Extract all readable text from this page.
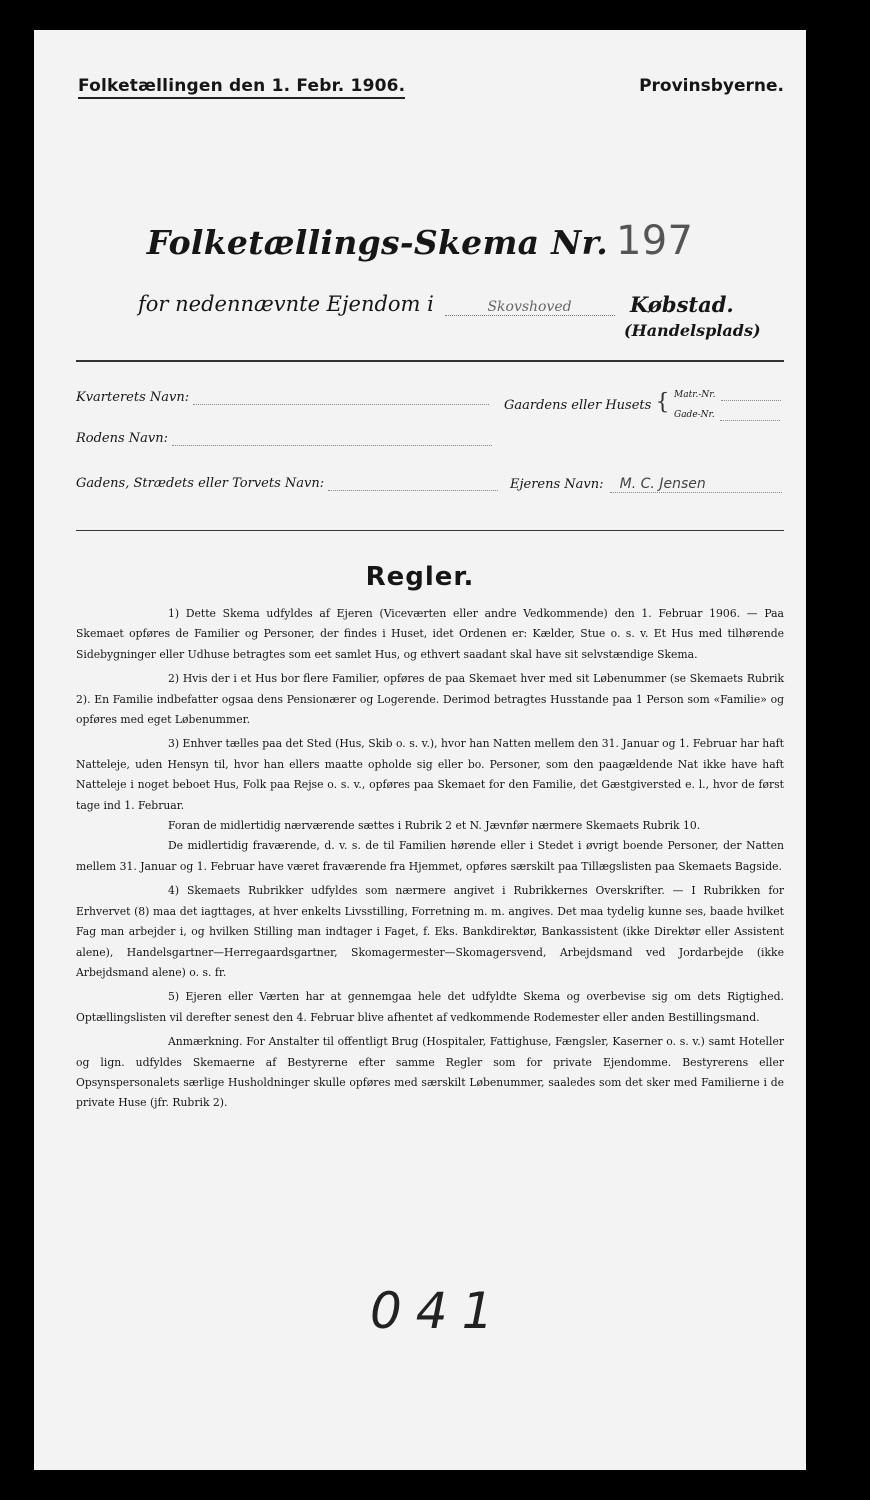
Folketællingen den 1. Febr. 1906.	Provinsbyerne.
Folketællings-Skema Nr. 197
for nedennævnte Ejendom i	Skovshoved	Købstad.
(Handelsplads)
Kvarterets Navn:
Gaardens eller Husets { Matr.-Nr.
Gade-Nr.
Rodens Navn:
Gadens, Strædets eller Torvets Navn:	Ejerens Navn: M. C. Jensen
Regler.

1) Dette Skema udfyldes af Ejeren (Viceværten eller andre Vedkommende) den 1. Februar 1906. — Paa Skemaet opføres de Familier og Personer, der findes i Huset, idet Ordenen er: Kælder, Stue o. s. v. Et Hus med tilhørende Sidebygninger eller Udhuse betragtes som eet samlet Hus, og ethvert saadant skal have sit selvstændige Skema.

2) Hvis der i et Hus bor flere Familier, opføres de paa Skemaet hver med sit Løbenummer (se Skemaets Rubrik 2). En Familie indbefatter ogsaa dens Pensionærer og Logerende. Derimod betragtes Husstande paa 1 Person som «Familie» og opføres med eget Løbenummer.

3) Enhver tælles paa det Sted (Hus, Skib o. s. v.), hvor han Natten mellem den 31. Januar og 1. Februar har haft Natteleje, uden Hensyn til, hvor han ellers maatte opholde sig eller bo. Personer, som den paagældende Nat ikke have haft Natteleje i noget beboet Hus, Folk paa Rejse o. s. v., opføres paa Skemaet for den Familie, det Gæstgiversted e. l., hvor de først tage ind 1. Februar.

Foran de midlertidig nærværende sættes i Rubrik 2 et N. Jævnfør nærmere Skemaets Rubrik 10.

De midlertidig fraværende, d. v. s. de til Familien hørende eller i Stedet i øvrigt boende Personer, der Natten mellem 31. Januar og 1. Februar have været fraværende fra Hjemmet, opføres særskilt paa Tillægslisten paa Skemaets Bagside.

4) Skemaets Rubrikker udfyldes som nærmere angivet i Rubrikkernes Overskrifter. — I Rubrikken for Erhvervet (8) maa det iagttages, at hver enkelts Livsstilling, Forretning m. m. angives. Det maa tydelig kunne ses, baade hvilket Fag man arbejder i, og hvilken Stilling man indtager i Faget, f. Eks. Bankdirektør, Bankassistent (ikke Direktør eller Assistent alene), Handelsgartner—Herregaardsgartner, Skomagermester—Skomagersvend, Arbejdsmand ved Jordarbejde (ikke Arbejdsmand alene) o. s. fr.

5) Ejeren eller Værten har at gennemgaa hele det udfyldte Skema og overbevise sig om dets Rigtighed. Optællingslisten vil derefter senest den 4. Februar blive afhentet af vedkommende Rodemester eller anden Bestillingsmand.

Anmærkning. For Anstalter til offentligt Brug (Hospitaler, Fattighuse, Fængsler, Kaserner o. s. v.) samt Hoteller og lign. udfyldes Skemaerne af Bestyrerne efter samme Regler som for private Ejendomme. Bestyrerens eller Opsynspersonalets særlige Husholdninger skulle opføres med særskilt Løbenummer, saaledes som det sker med Familierne i de private Huse (jfr. Rubrik 2).

041
